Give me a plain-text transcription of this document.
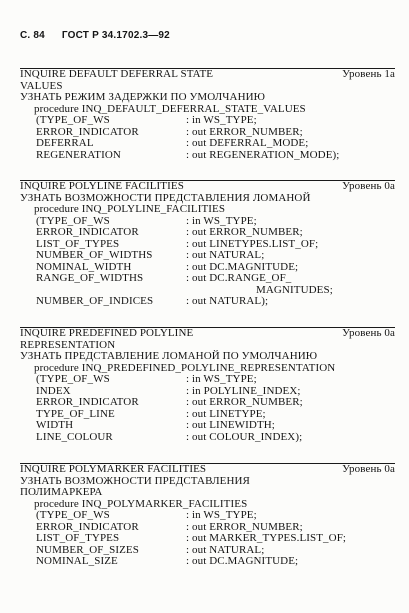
С. 84 ГОСТ Р 34.1702.3—92
INQUIRE DEFAULT DEFERRAL STATE	Уровень 1a
VALUES
УЗНАТЬ РЕЖИМ ЗАДЕРЖКИ ПО УМОЛЧАНИЮ
procedure INQ_DEFAULT_DEFERRAL_STATE_VALUES
(TYPE_OF_WS	: in WS_TYPE;
ERROR_INDICATOR	: out ERROR_NUMBER;
DEFERRAL	: out DEFERRAL_MODE;
REGENERATION	: out REGENERATION_MODE);
INQUIRE POLYLINE FACILITIES	Уровень 0a
УЗНАТЬ ВОЗМОЖНОСТИ ПРЕДСТАВЛЕНИЯ ЛОМАНОЙ
procedure INQ_POLYLINE_FACILITIES
(TYPE_OF_WS	: in WS_TYPE;
ERROR_INDICATOR	: out ERROR_NUMBER;
LIST_OF_TYPES	: out LINETYPES.LIST_OF;
NUMBER_OF_WIDTHS	: out NATURAL;
NOMINAL_WIDTH	: out DC.MAGNITUDE;
RANGE_OF_WIDTHS	: out DC.RANGE_OF_
MAGNITUDES;
NUMBER_OF_INDICES	: out NATURAL);
INQUIRE PREDEFINED POLYLINE	Уровень 0a
REPRESENTATION
УЗНАТЬ ПРЕДСТАВЛЕНИЕ ЛОМАНОЙ ПО УМОЛЧАНИЮ
procedure INQ_PREDEFINED_POLYLINE_REPRESENTATION
(TYPE_OF_WS	: in WS_TYPE;
INDEX	: in POLYLINE_INDEX;
ERROR_INDICATOR	: out ERROR_NUMBER;
TYPE_OF_LINE	: out LINETYPE;
WIDTH	: out LINEWIDTH;
LINE_COLOUR	: out COLOUR_INDEX);
INQUIRE POLYMARKER FACILITIES	Уровень 0a
УЗНАТЬ ВОЗМОЖНОСТИ ПРЕДСТАВЛЕНИЯ
ПОЛИМАРКЕРА
procedure INQ_POLYMARKER_FACILITIES
(TYPE_OF_WS	: in WS_TYPE;
ERROR_INDICATOR	: out ERROR_NUMBER;
LIST_OF_TYPES	: out MARKER_TYPES.LIST_OF;
NUMBER_OF_SIZES	: out NATURAL;
NOMINAL_SIZE	: out DC.MAGNITUDE;
